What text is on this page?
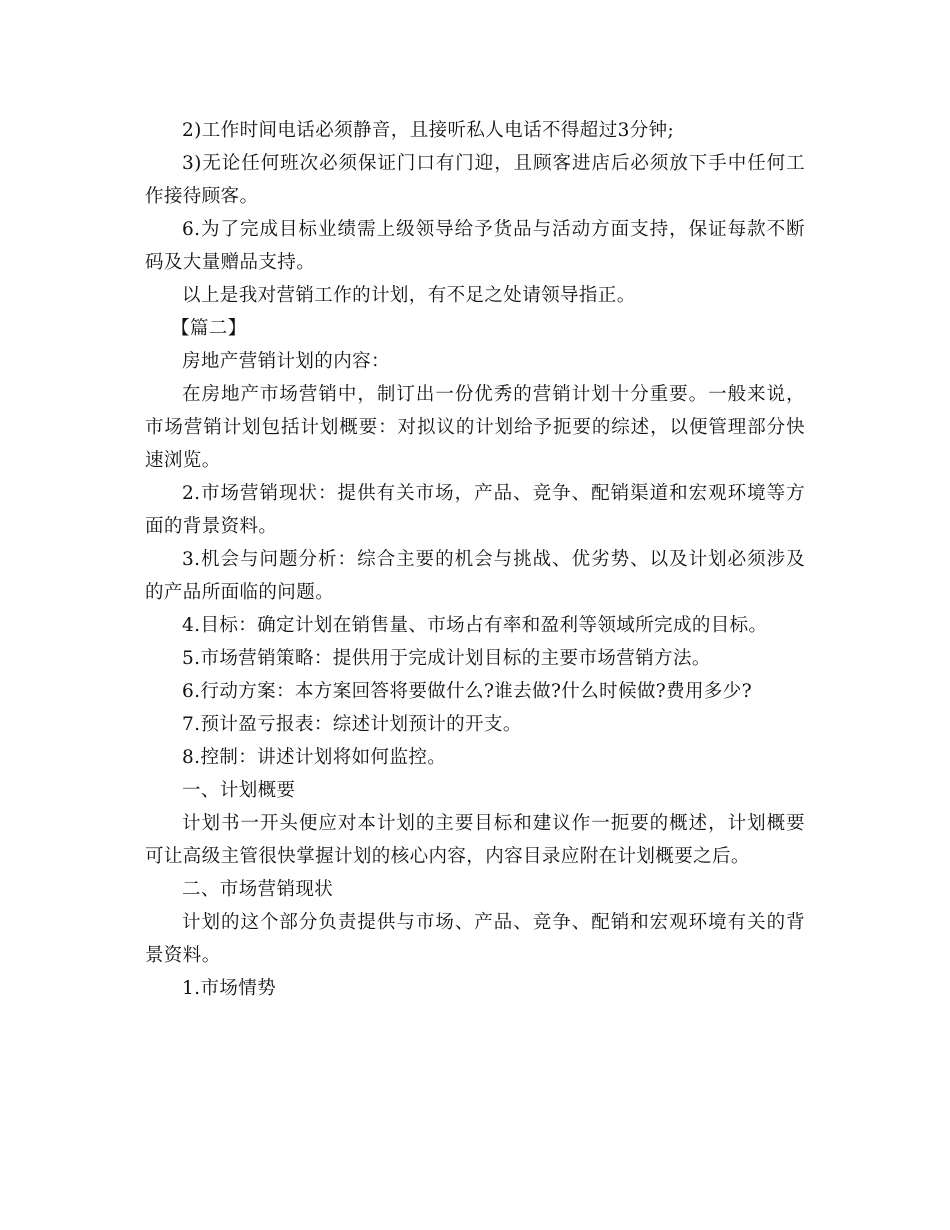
2)工作时间电话必须静音，且接听私人电话不得超过3分钟;

3)无论任何班次必须保证门口有门迎，且顾客进店后必须放下手中任何工作接待顾客。

6.为了完成目标业绩需上级领导给予货品与活动方面支持，保证每款不断码及大量赠品支持。

以上是我对营销工作的计划，有不足之处请领导指正。

【篇二】

房地产营销计划的内容：

在房地产市场营销中，制订出一份优秀的营销计划十分重要。一般来说，市场营销计划包括计划概要：对拟议的计划给予扼要的综述，以便管理部分快速浏览。

2.市场营销现状：提供有关市场，产品、竞争、配销渠道和宏观环境等方面的背景资料。

3.机会与问题分析：综合主要的机会与挑战、优劣势、以及计划必须涉及的产品所面临的问题。

4.目标：确定计划在销售量、市场占有率和盈利等领域所完成的目标。

5.市场营销策略：提供用于完成计划目标的主要市场营销方法。

6.行动方案：本方案回答将要做什么?谁去做?什么时候做?费用多少?

7.预计盈亏报表：综述计划预计的开支。

8.控制：讲述计划将如何监控。

一、计划概要

计划书一开头便应对本计划的主要目标和建议作一扼要的概述，计划概要可让高级主管很快掌握计划的核心内容，内容目录应附在计划概要之后。

二、市场营销现状

计划的这个部分负责提供与市场、产品、竞争、配销和宏观环境有关的背景资料。

1.市场情势
